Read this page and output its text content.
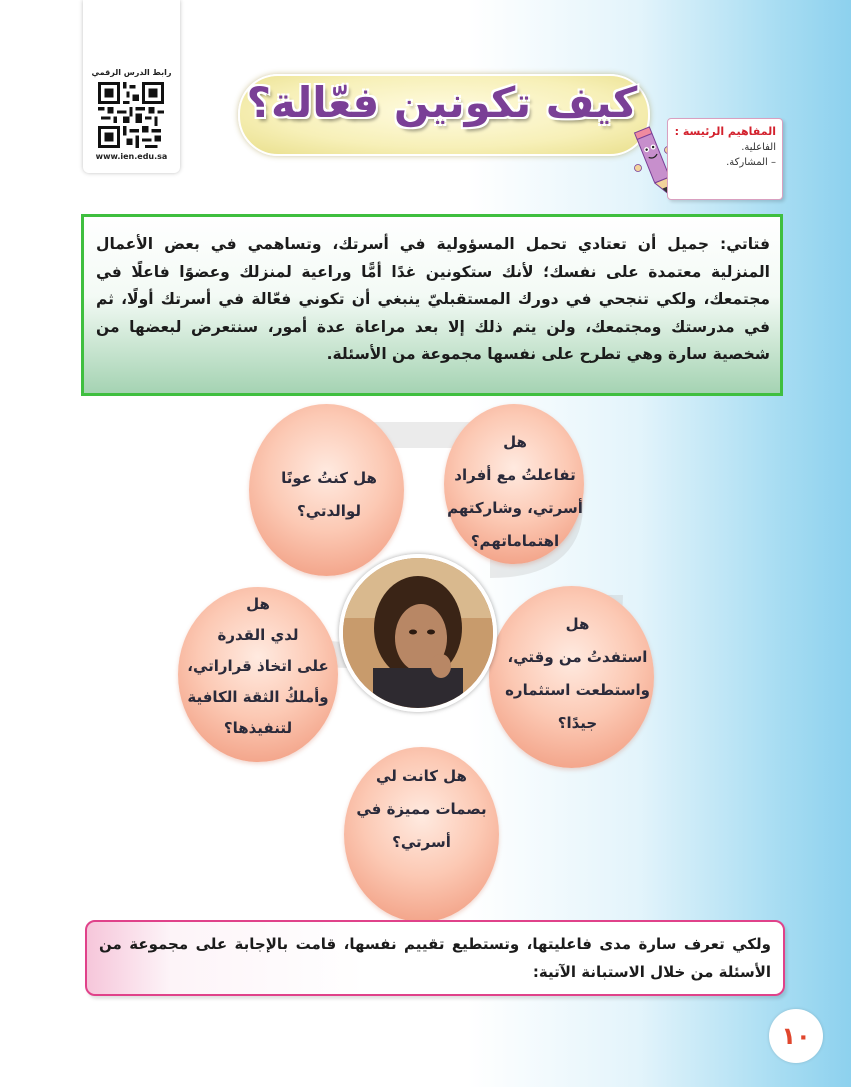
رابط الدرس الرقمي
www.ien.edu.sa
كيف تكونين فعّالة؟
المفاهيم الرئيسة :
الفاعلية.
– المشاركة.
فتاتي: جميل أن تعتادي تحمل المسؤولية في أسرتك، وتساهمي في بعض الأعمال المنزلية معتمدة على نفسك؛ لأنك ستكونين غدًا أمًّا وراعية لمنزلك وعضوًا فاعلًا في مجتمعك، ولكي تنجحي في دورك المستقبليّ ينبغي أن تكوني فعّالة في أسرتك أولًا، ثم في مدرستك ومجتمعك، ولن يتم ذلك إلا بعد مراعاة عدة أمور، سنتعرض لبعضها من شخصية سارة وهي تطرح على نفسها مجموعة من الأسئلة.
هل
تفاعلتُ مع أفراد
أسرتي، وشاركتهم
اهتماماتهم؟
هل كنتُ عونًا
لوالدتي؟
هل
استفدتُ من وقتي،
واستطعت استثماره
جيدًا؟
هل
لدي القدرة
على اتخاذ قراراتي،
وأملكُ الثقة الكافية
لتنفيذها؟
هل كانت لي
بصمات مميزة في
أسرتي؟
ولكي تعرف سارة مدى فاعليتها، وتستطيع تقييم نفسها، قامت بالإجابة على مجموعة من الأسئلة من خلال الاستبانة الآتية:
١٠
